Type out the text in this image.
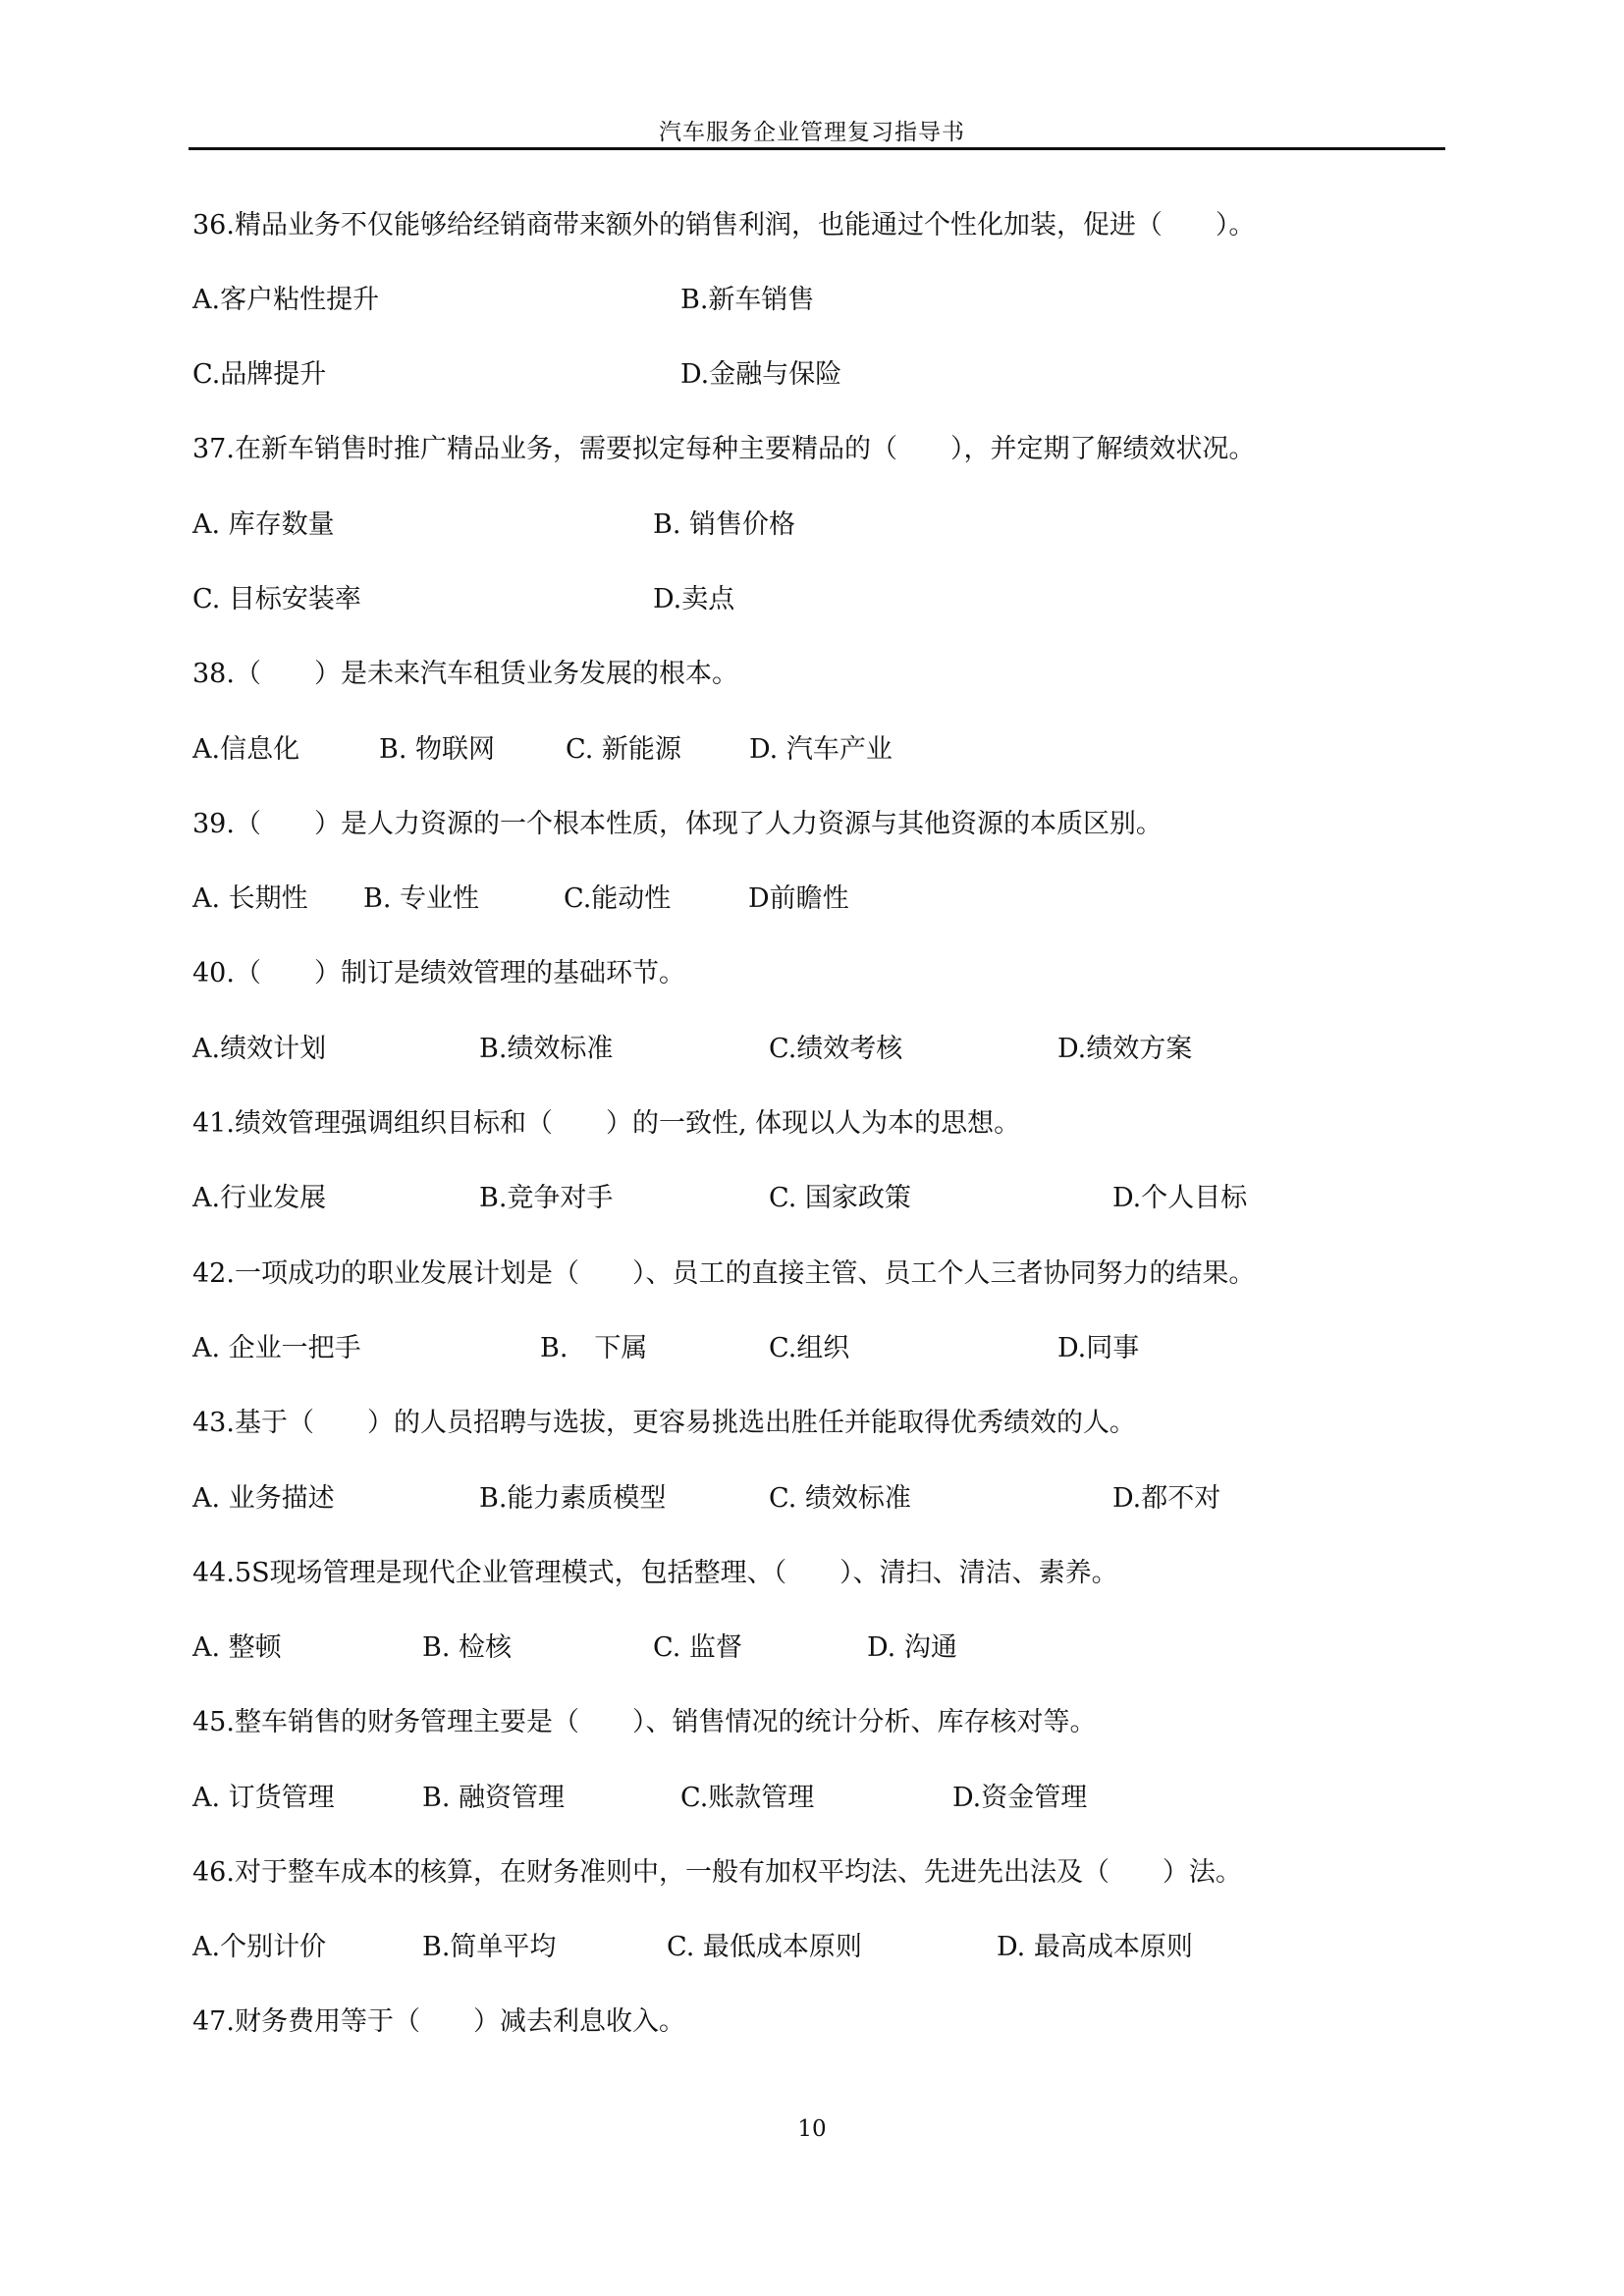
汽车服务企业管理复习指导书
36.精品业务不仅能够给经销商带来额外的销售利润，也能通过个性化加装，促进（　　）。
A.客户粘性提升	B.新车销售
C.品牌提升	D.金融与保险
37.在新车销售时推广精品业务，需要拟定每种主要精品的（　　），并定期了解绩效状况。
A. 库存数量	B. 销售价格
C. 目标安装率	D.卖点
38.（　　）是未来汽车租赁业务发展的根本。
A.信息化	B. 物联网	C. 新能源	D. 汽车产业
39.（　　）是人力资源的一个根本性质，体现了人力资源与其他资源的本质区别。
A. 长期性 B. 专业性	C.能动性	D前瞻性
40.（　　）制订是绩效管理的基础环节。
A.绩效计划	B.绩效标准	C.绩效考核	D.绩效方案
41.绩效管理强调组织目标和（　　）的一致性, 体现以人为本的思想。
A.行业发展	B.竞争对手	C. 国家政策	D.个人目标
42.一项成功的职业发展计划是（　　）、员工的直接主管、员工个人三者协同努力的结果。
A. 企业一把手	B.　下属	C.组织	D.同事
43.基于（　　）的人员招聘与选拔，更容易挑选出胜任并能取得优秀绩效的人。
A. 业务描述	B.能力素质模型	C. 绩效标准	D.都不对
44.5S现场管理是现代企业管理模式，包括整理、（　　）、清扫、清洁、素养。
A. 整顿	B. 检核	C. 监督	D. 沟通
45.整车销售的财务管理主要是（　　）、销售情况的统计分析、库存核对等。
A. 订货管理	B. 融资管理	C.账款管理	D.资金管理
46.对于整车成本的核算，在财务准则中，一般有加权平均法、先进先出法及（　　）法。
A.个别计价	B.简单平均	C. 最低成本原则	D. 最高成本原则
47.财务费用等于（　　）减去利息收入。
10
